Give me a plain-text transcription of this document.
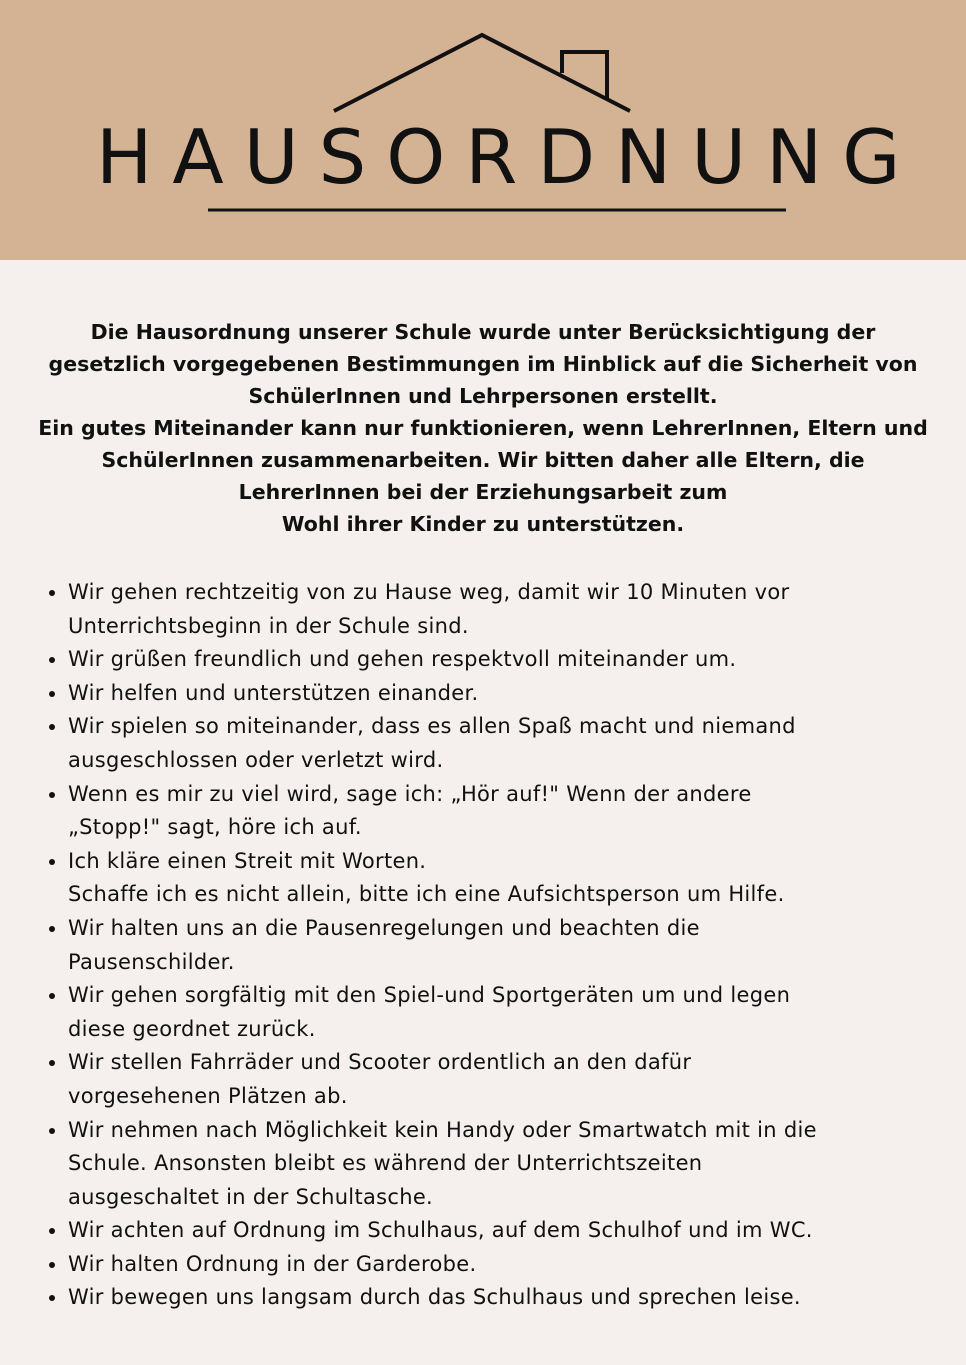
HAUSORDNUNG

Die Hausordnung unserer Schule wurde unter Berücksichtigung der
gesetzlich vorgegebenen Bestimmungen im Hinblick auf die Sicherheit von
SchülerInnen und Lehrpersonen erstellt.
Ein gutes Miteinander kann nur funktionieren, wenn LehrerInnen, Eltern und
SchülerInnen zusammenarbeiten. Wir bitten daher alle Eltern, die
LehrerInnen bei der Erziehungsarbeit zum
Wohl ihrer Kinder zu unterstützen.

• Wir gehen rechtzeitig von zu Hause weg, damit wir 10 Minuten vor
Unterrichtsbeginn in der Schule sind.
• Wir grüßen freundlich und gehen respektvoll miteinander um.
• Wir helfen und unterstützen einander.
• Wir spielen so miteinander, dass es allen Spaß macht und niemand
ausgeschlossen oder verletzt wird.
• Wenn es mir zu viel wird, sage ich: „Hör auf!" Wenn der andere
„Stopp!" sagt, höre ich auf.
• Ich kläre einen Streit mit Worten.
Schaffe ich es nicht allein, bitte ich eine Aufsichtsperson um Hilfe.
• Wir halten uns an die Pausenregelungen und beachten die
Pausenschilder.
• Wir gehen sorgfältig mit den Spiel-und Sportgeräten um und legen
diese geordnet zurück.
• Wir stellen Fahrräder und Scooter ordentlich an den dafür
vorgesehenen Plätzen ab.
• Wir nehmen nach Möglichkeit kein Handy oder Smartwatch mit in die
Schule. Ansonsten bleibt es während der Unterrichtszeiten
ausgeschaltet in der Schultasche.
• Wir achten auf Ordnung im Schulhaus, auf dem Schulhof und im WC.
• Wir halten Ordnung in der Garderobe.
• Wir bewegen uns langsam durch das Schulhaus und sprechen leise.
